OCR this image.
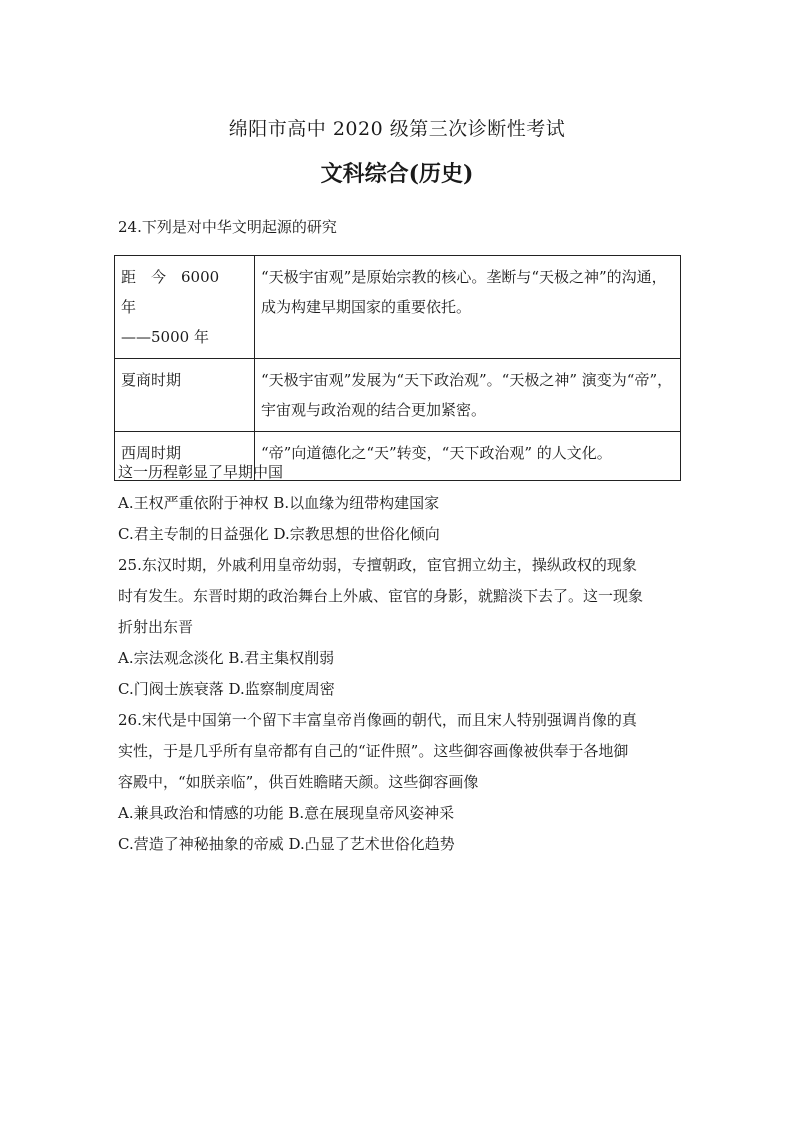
绵阳市高中 2020 级第三次诊断性考试
文科综合(历史)
24.下列是对中华文明起源的研究
距　今　6000　年
——5000 年	“天极宇宙观”是原始宗教的核心。垄断与“天极之神”的沟通，成为构建早期国家的重要依托。
夏商时期	“天极宇宙观”发展为“天下政治观”。“天极之神” 演变为“帝”，宇宙观与政治观的结合更加紧密。
西周时期	“帝”向道德化之“天”转变，“天下政治观” 的人文化。
这一历程彰显了早期中国
A.王权严重依附于神权 B.以血缘为纽带构建国家
C.君主专制的日益强化 D.宗教思想的世俗化倾向
25.东汉时期，外戚利用皇帝幼弱，专擅朝政，宦官拥立幼主，操纵政权的现象
时有发生。东晋时期的政治舞台上外戚、宦官的身影，就黯淡下去了。这一现象
折射出东晋
A.宗法观念淡化 B.君主集权削弱
C.门阀士族衰落 D.监察制度周密
26.宋代是中国第一个留下丰富皇帝肖像画的朝代，而且宋人特别强调肖像的真
实性，于是几乎所有皇帝都有自己的“证件照”。这些御容画像被供奉于各地御
容殿中，“如朕亲临”，供百姓瞻睹天颜。这些御容画像
A.兼具政治和情感的功能 B.意在展现皇帝风姿神采
C.营造了神秘抽象的帝威 D.凸显了艺术世俗化趋势
